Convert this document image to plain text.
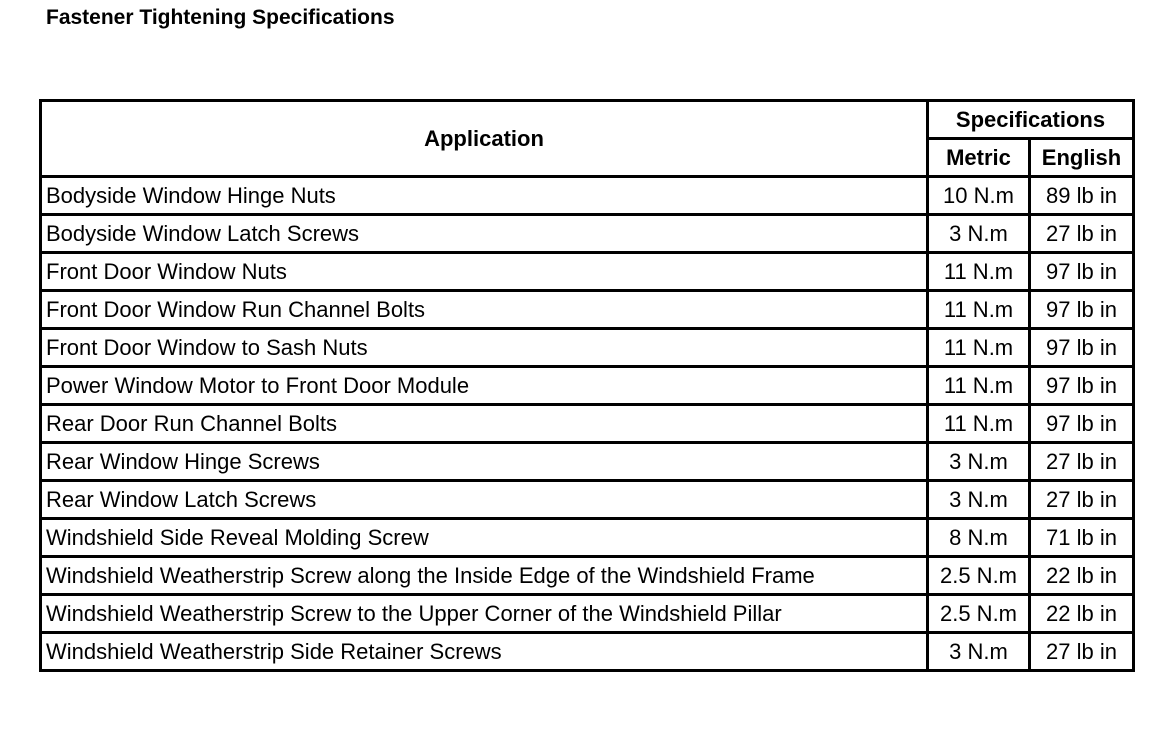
Fastener Tightening Specifications
Application	Specifications	
	Metric	English
Bodyside Window Hinge Nuts	10 N.m	89 lb in
Bodyside Window Latch Screws	3 N.m	27 lb in
Front Door Window Nuts	11 N.m	97 lb in
Front Door Window Run Channel Bolts	11 N.m	97 lb in
Front Door Window to Sash Nuts	11 N.m	97 lb in
Power Window Motor to Front Door Module	11 N.m	97 lb in
Rear Door Run Channel Bolts	11 N.m	97 lb in
Rear Window Hinge Screws	3 N.m	27 lb in
Rear Window Latch Screws	3 N.m	27 lb in
Windshield Side Reveal Molding Screw	8 N.m	71 lb in
Windshield Weatherstrip Screw along the Inside Edge of the Windshield Frame	2.5 N.m	22 lb in
Windshield Weatherstrip Screw to the Upper Corner of the Windshield Pillar	2.5 N.m	22 lb in
Windshield Weatherstrip Side Retainer Screws	3 N.m	27 lb in
